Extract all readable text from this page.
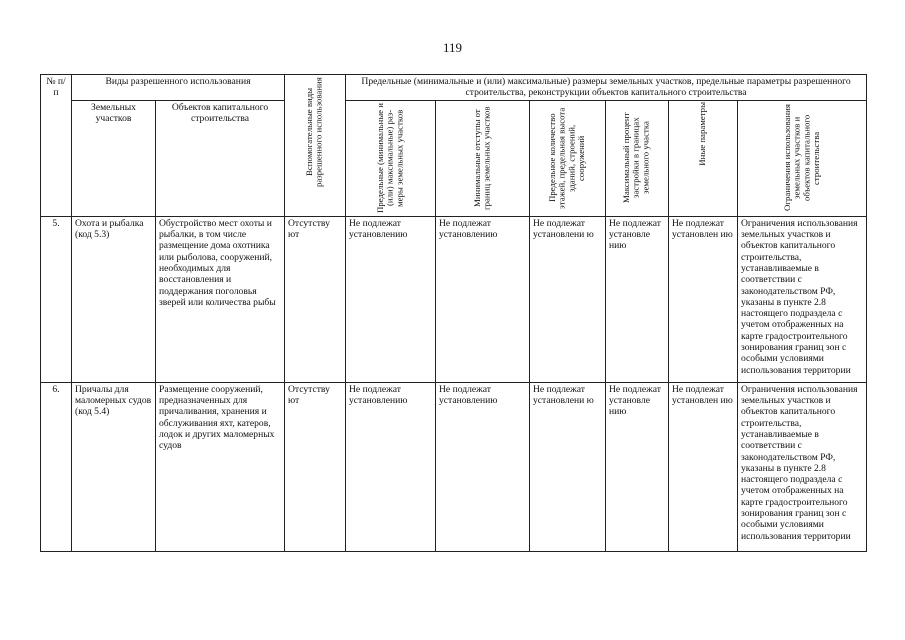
119
№ п/п	Виды разрешенного использования		Вспомогательные виды разрешенного использования	Предельные (минимальные и (или) максимальные) размеры земельных участков, предельные параметры разрешенного строительства, реконструкции объектов капитального строительства					
	Земельных участков	Объектов капитального строительства		Предельные (минимальные и (или) максимальные) раз-меры земельных участков	Минимальные отступы от границ земельных участков	Предельное количество этажей, предельная высота зданий, строений, сооружений	Максимальный процент застройки в границах земельного участка	Иные параметры	Ограничения использования земельных участков и объектов капитального строительства

5.	Охота и рыбалка (код 5.3)	Обустройство мест охоты и рыбалки, в том числе размещение дома охотника или рыболова, сооружений, необходимых для восстановления и поддержания поголовья зверей или количества рыбы	Отсутству ют	Не подлежат установлению	Не подлежат установлению	Не подлежат установлени ю	Не подлежат установле нию	Не подлежат установлен ию	Ограничения использования земельных участков и объектов капитального строительства, устанавливаемые в соответствии с законодательством РФ, указаны в пункте 2.8 настоящего подраздела с учетом отображенных на карте градостроительного зонирования границ зон с особыми условиями использования территории
6.	Причалы для маломерных судов (код 5.4)	Размещение сооружений, предназначенных для причаливания, хранения и обслуживания яхт, катеров, лодок и других маломерных судов	Отсутству ют	Не подлежат установлению	Не подлежат установлению	Не подлежат установлени ю	Не подлежат установле нию	Не подлежат установлен ию	Ограничения использования земельных участков и объектов капитального строительства, устанавливаемые в соответствии с законодательством РФ, указаны в пункте 2.8 настоящего подраздела с учетом отображенных на карте градостроительного зонирования границ зон с особыми условиями использования территории
